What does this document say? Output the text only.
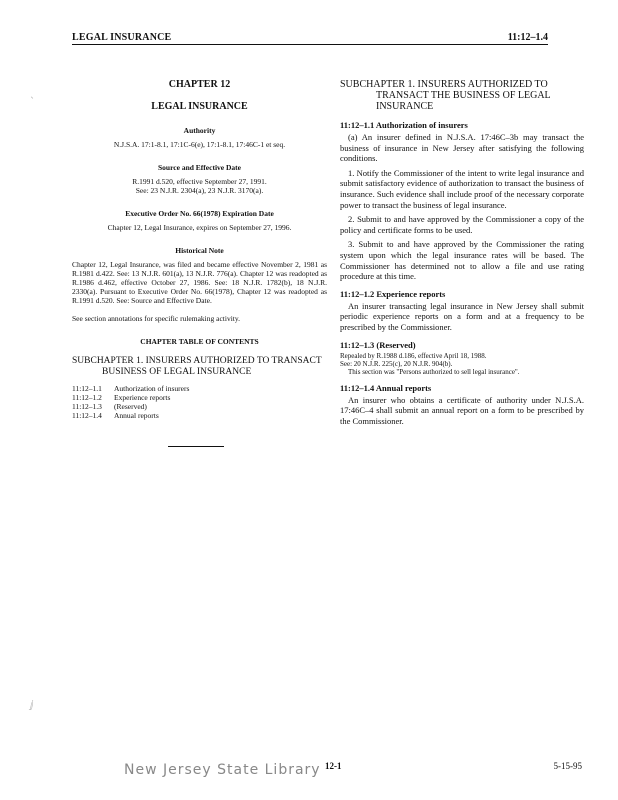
LEGAL INSURANCE	11:12–1.4

CHAPTER 12

LEGAL INSURANCE

Authority

N.J.S.A. 17:1-8.1, 17:1C-6(e), 17:1-8.1, 17:46C-1 et seq.

Source and Effective Date

R.1991 d.520, effective September 27, 1991.

See: 23 N.J.R. 2304(a), 23 N.J.R. 3170(a).

Executive Order No. 66(1978) Expiration Date

Chapter 12, Legal Insurance, expires on September 27, 1996.

Historical Note

Chapter 12, Legal Insurance, was filed and became effective November 2, 1981 as R.1981 d.422. See: 13 N.J.R. 601(a), 13 N.J.R. 776(a). Chapter 12 was readopted as R.1986 d.462, effective October 27, 1986. See: 18 N.J.R. 1782(b), 18 N.J.R. 2330(a). Pursuant to Executive Order No. 66(1978), Chapter 12 was readopted as R.1991 d.520. See: Source and Effective Date.

See section annotations for specific rulemaking activity.

CHAPTER TABLE OF CONTENTS

SUBCHAPTER 1. INSURERS AUTHORIZED TO TRANSACT BUSINESS OF LEGAL INSURANCE

11:12–1.1	Authorization of insurers
11:12–1.2	Experience reports
11:12–1.3	(Reserved)
11:12–1.4	Annual reports

SUBCHAPTER 1. INSURERS AUTHORIZED TO TRANSACT THE BUSINESS OF LEGAL INSURANCE

11:12–1.1 Authorization of insurers

(a) An insurer defined in N.J.S.A. 17:46C–3b may transact the business of insurance in New Jersey after satisfying the following conditions.

1. Notify the Commissioner of the intent to write legal insurance and submit satisfactory evidence of authorization to transact the business of insurance. Such evidence shall include proof of the necessary corporate power to transact the business of legal insurance.

2. Submit to and have approved by the Commissioner a copy of the policy and certificate forms to be used.

3. Submit to and have approved by the Commissioner the rating system upon which the legal insurance rates will be based. The Commissioner has determined not to allow a file and use rating procedure at this time.

11:12–1.2 Experience reports

An insurer transacting legal insurance in New Jersey shall submit periodic experience reports on a form and at a frequency to be prescribed by the Commissioner.

11:12–1.3 (Reserved)

Repealed by R.1988 d.186, effective April 18, 1988.

See: 20 N.J.R. 225(c), 20 N.J.R. 904(b).

This section was "Persons authorized to sell legal insurance".

11:12–1.4 Annual reports

An insurer who obtains a certificate of authority under N.J.S.A. 17:46C–4 shall submit an annual report on a form to be prescribed by the Commissioner.

ˎ
ⅉ
New Jersey State Library 12-1	5-15-95
